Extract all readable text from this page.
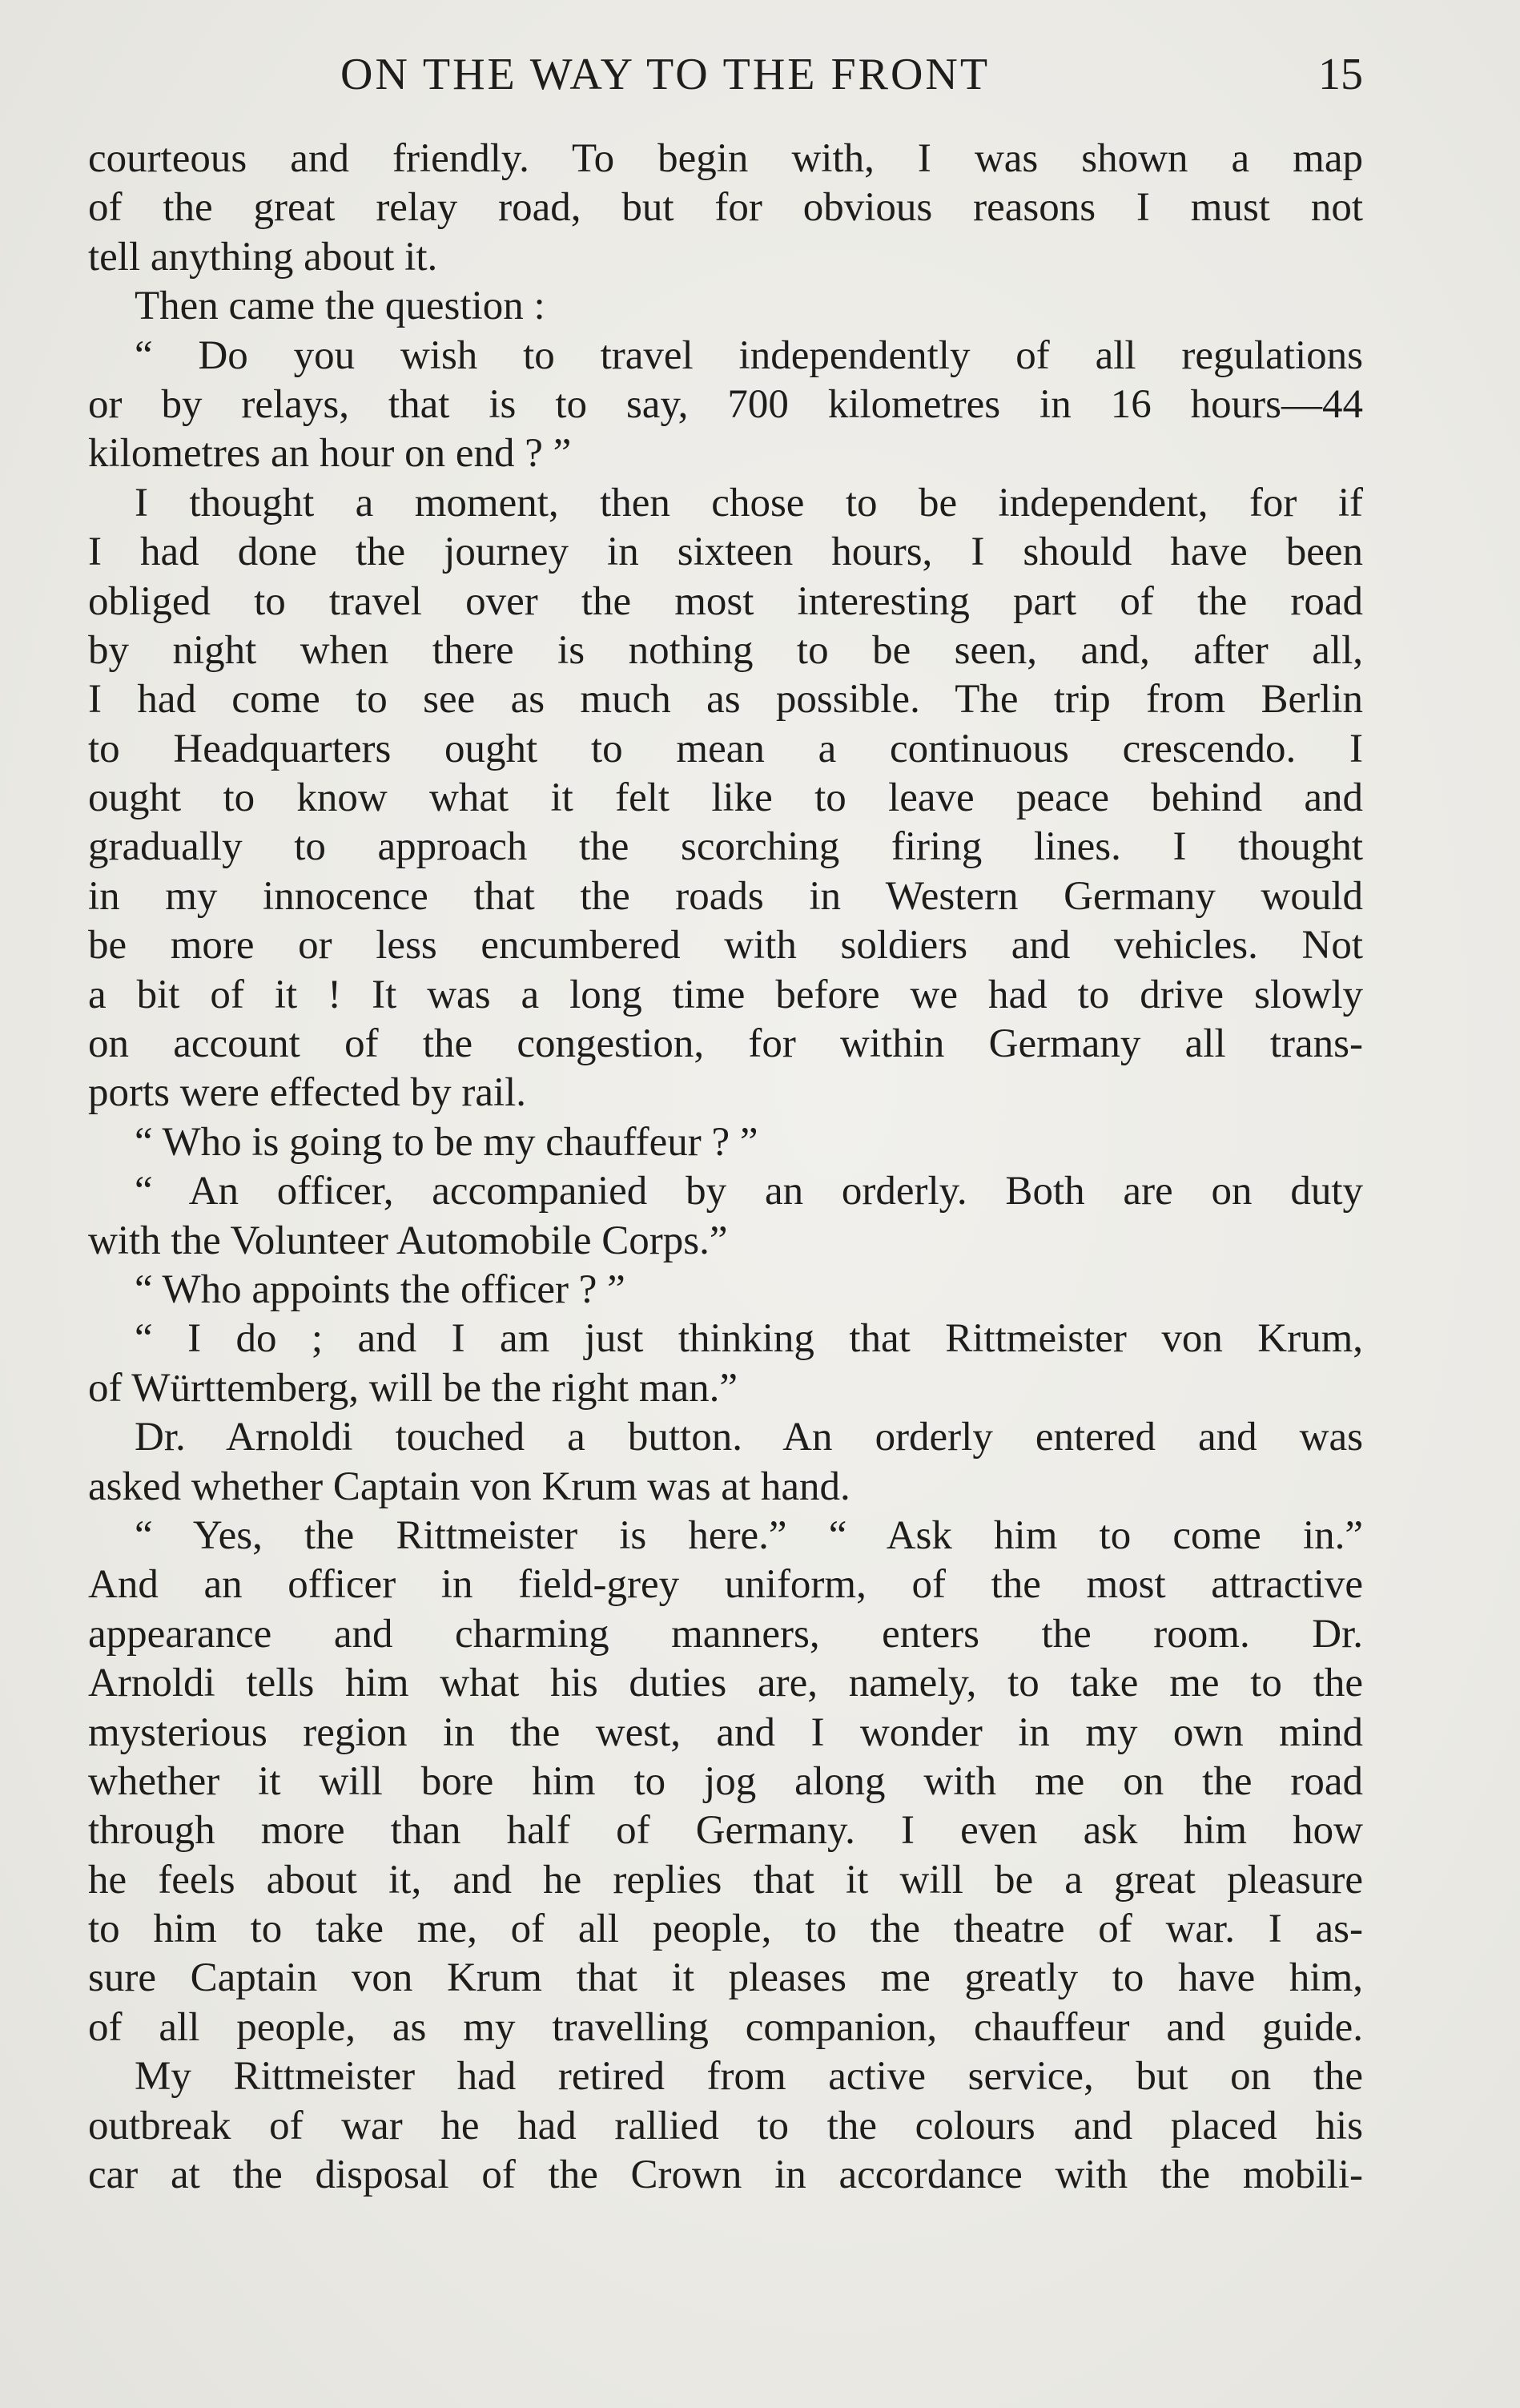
ON THE WAY TO THE FRONT	15
courteous and friendly. To begin with, I was shown a map
of the great relay road, but for obvious reasons I must not
tell anything about it.
Then came the question :
“ Do you wish to travel independently of all regulations
or by relays, that is to say, 700 kilometres in 16 hours—44
kilometres an hour on end ? ”
I thought a moment, then chose to be independent, for if
I had done the journey in sixteen hours, I should have been
obliged to travel over the most interesting part of the road
by night when there is nothing to be seen, and, after all,
I had come to see as much as possible. The trip from Berlin
to Headquarters ought to mean a continuous crescendo. I
ought to know what it felt like to leave peace behind and
gradually to approach the scorching firing lines. I thought
in my innocence that the roads in Western Germany would
be more or less encumbered with soldiers and vehicles. Not
a bit of it ! It was a long time before we had to drive slowly
on account of the congestion, for within Germany all trans-
ports were effected by rail.
“ Who is going to be my chauffeur ? ”
“ An officer, accompanied by an orderly. Both are on duty
with the Volunteer Automobile Corps.”
“ Who appoints the officer ? ”
“ I do ; and I am just thinking that Rittmeister von Krum,
of Württemberg, will be the right man.”
Dr. Arnoldi touched a button. An orderly entered and was
asked whether Captain von Krum was at hand.
“ Yes, the Rittmeister is here.” “ Ask him to come in.”
And an officer in field-grey uniform, of the most attractive
appearance and charming manners, enters the room. Dr.
Arnoldi tells him what his duties are, namely, to take me to the
mysterious region in the west, and I wonder in my own mind
whether it will bore him to jog along with me on the road
through more than half of Germany. I even ask him how
he feels about it, and he replies that it will be a great pleasure
to him to take me, of all people, to the theatre of war. I as-
sure Captain von Krum that it pleases me greatly to have him,
of all people, as my travelling companion, chauffeur and guide.
My Rittmeister had retired from active service, but on the
outbreak of war he had rallied to the colours and placed his
car at the disposal of the Crown in accordance with the mobili-
